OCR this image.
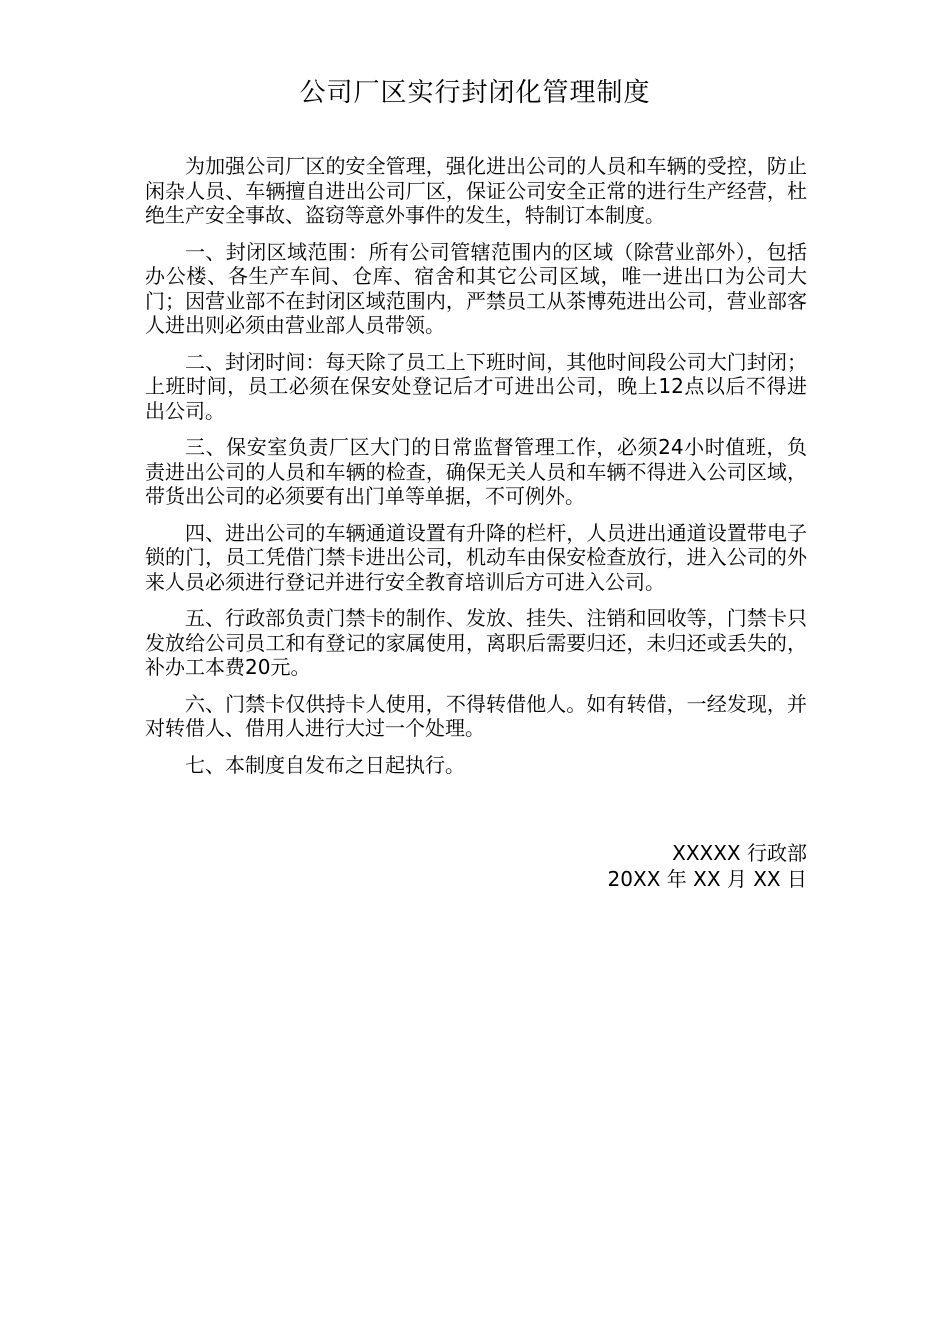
公司厂区实行封闭化管理制度

为加强公司厂区的安全管理，强化进出公司的人员和车辆的受控，防止闲杂人员、车辆擅自进出公司厂区，保证公司安全正常的进行生产经营，杜绝生产安全事故、盗窃等意外事件的发生，特制订本制度。

一、封闭区域范围：所有公司管辖范围内的区域（除营业部外），包括办公楼、各生产车间、仓库、宿舍和其它公司区域，唯一进出口为公司大门；因营业部不在封闭区域范围内，严禁员工从茶博苑进出公司，营业部客人进出则必须由营业部人员带领。

二、封闭时间：每天除了员工上下班时间，其他时间段公司大门封闭；上班时间，员工必须在保安处登记后才可进出公司，晚上12点以后不得进出公司。

三、保安室负责厂区大门的日常监督管理工作，必须24小时值班，负责进出公司的人员和车辆的检查，确保无关人员和车辆不得进入公司区域，带货出公司的必须要有出门单等单据，不可例外。

四、进出公司的车辆通道设置有升降的栏杆，人员进出通道设置带电子锁的门，员工凭借门禁卡进出公司，机动车由保安检查放行，进入公司的外来人员必须进行登记并进行安全教育培训后方可进入公司。

五、行政部负责门禁卡的制作、发放、挂失、注销和回收等，门禁卡只发放给公司员工和有登记的家属使用，离职后需要归还，未归还或丢失的，补办工本费20元。

六、门禁卡仅供持卡人使用，不得转借他人。如有转借，一经发现，并对转借人、借用人进行大过一个处理。

七、本制度自发布之日起执行。

XXXXX 行政部
20XX 年 XX 月 XX 日
